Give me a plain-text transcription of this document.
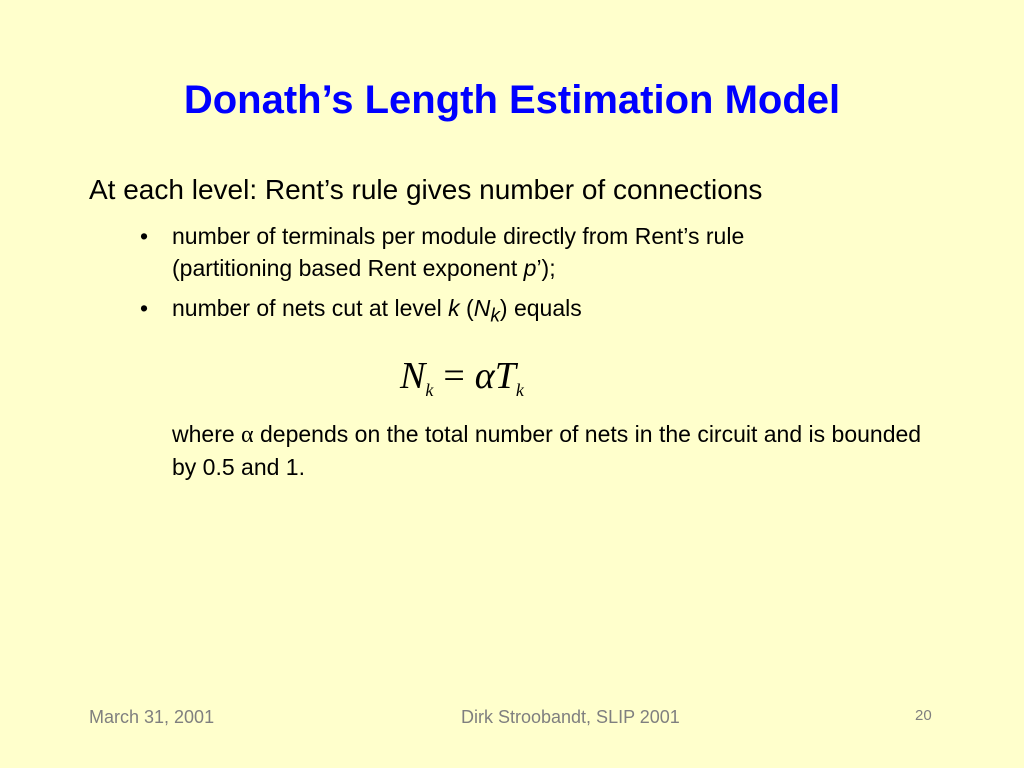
Donath’s Length Estimation Model
At each level: Rent’s rule gives number of connections
• number of terminals per module directly from Rent’s rule
(partitioning based Rent exponent p’);
• number of nets cut at level k $(N_k)$ equals
$N_k = \alpha T_k$
where α depends on the total number of nets in the circuit and is bounded by 0.5 and 1.
March 31, 2001	Dirk Stroobandt, SLIP 2001	20
